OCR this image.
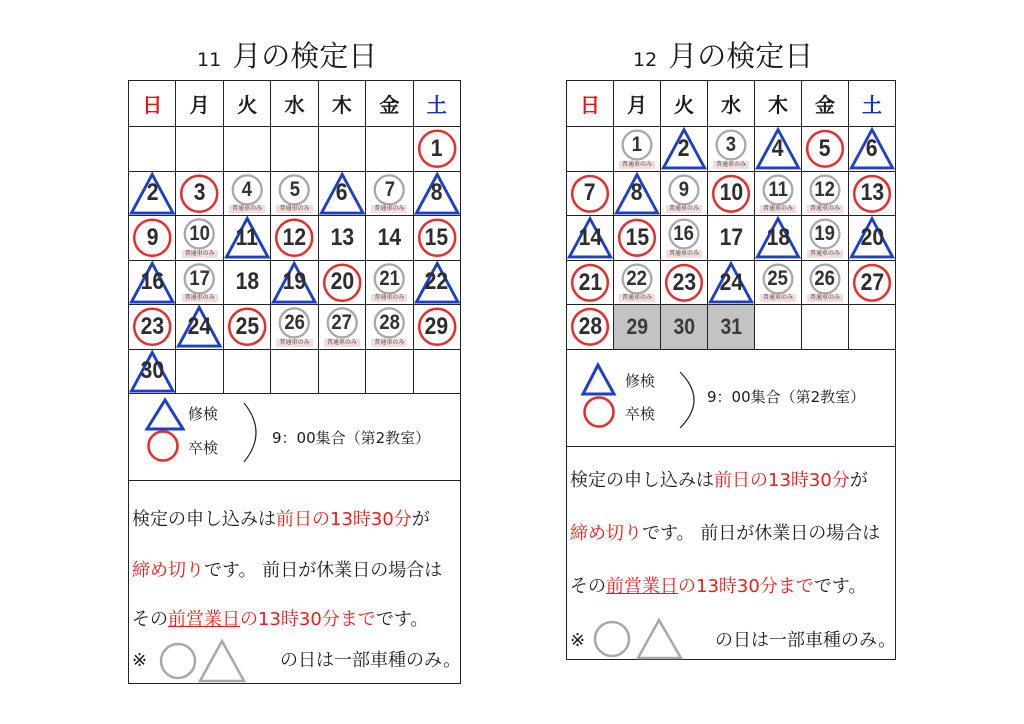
11 月の検定日
日 月 火 水 木 金 土
1
2 3 4
普通車のみ
5
普通車のみ
6 7
普通車のみ
8
9 10
普通車のみ
11 12 13 14 15
16 17
普通車のみ
18 19 20 21
普通車のみ
22
23 24 25 26
普通車のみ
27
普通車のみ
28
普通車のみ
29
30
修検
卒検
9：00集合（第2教室）
検定の申し込みは前日の13時30分が
締め切りです。 前日が休業日の場合は
その前営業日の13時30分までです。
※	の日は一部車種のみ。
12 月の検定日
日 月 火 水 木 金 土
1
普通車のみ
2 3
普通車のみ
4 5 6
7 8 9
普通車のみ
10 11
普通車のみ
12
普通車のみ
13
14 15 16
普通車のみ
17 18 19
普通車のみ
20
21 22
普通車のみ
23 24 25
普通車のみ
26
普通車のみ
27
28 29 30 31
修検
卒検
9：00集合（第2教室）
検定の申し込みは前日の13時30分が
締め切りです。 前日が休業日の場合は
その前営業日の13時30分までです。
※	の日は一部車種のみ。
